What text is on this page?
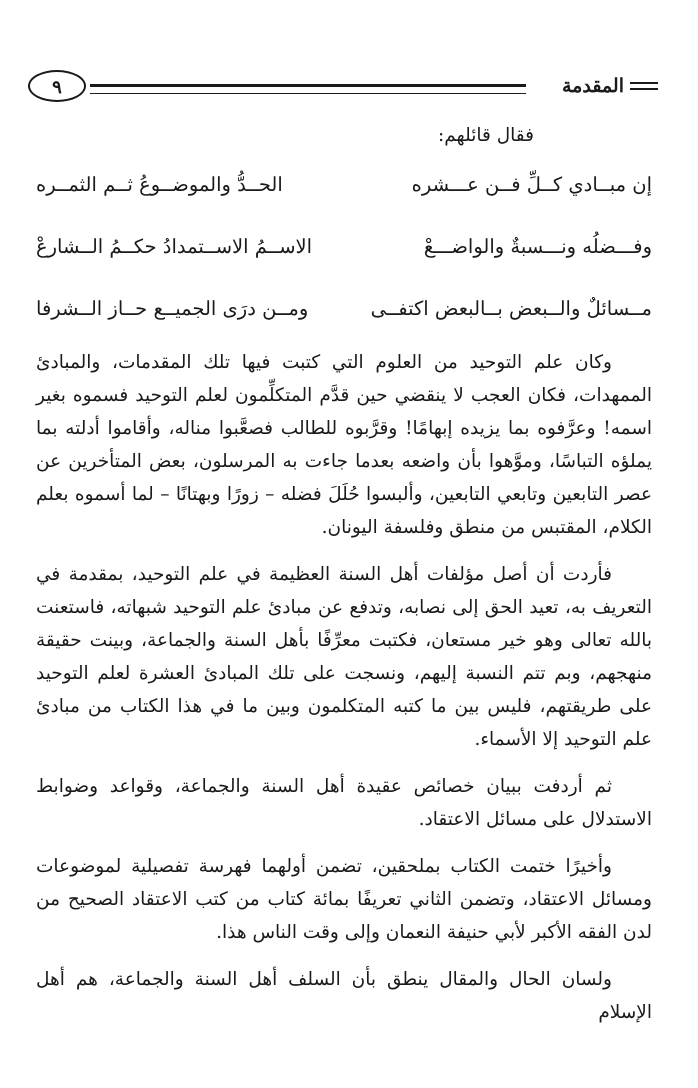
المقدمة
٩

فقال قائلهم:

إن مبــادي كــلِّ فــن عـــشره
الحــدُّ والموضــوعُ ثــم الثمــره
وفـــضلُه ونـــسبةٌ والواضـــعْ
الاســمُ الاســتمدادُ حكــمُ الــشارعْ
مــسائلٌ والــبعض بــالبعض اكتفــى
ومــن درَى الجميــع حــاز الــشرفا

وكان علم التوحيد من العلوم التي كتبت فيها تلك المقدمات، والمبادئ الممهدات، فكان العجب لا ينقضي حين قدَّم المتكلِّمون لعلم التوحيد فسموه بغير اسمه! وعرَّفوه بما يزيده إبهامًا! وقرَّبوه للطالب فصعَّبوا مناله، وأقاموا أدلته بما يملؤه التباسًا، وموَّهوا بأن واضعه بعدما جاءت به المرسلون، بعض المتأخرين عن عصر التابعين وتابعي التابعين، وألبسوا حُلَلَ فضله – زورًا وبهتانًا – لما أسموه بعلم الكلام، المقتبس من منطق وفلسفة اليونان.

فأردت أن أصل مؤلفات أهل السنة العظيمة في علم التوحيد، بمقدمة في التعريف به، تعيد الحق إلى نصابه، وتدفع عن مبادئ علم التوحيد شبهاته، فاستعنت بالله تعالى وهو خير مستعان، فكتبت معرِّفًا بأهل السنة والجماعة، وبينت حقيقة منهجهم، وبم تتم النسبة إليهم، ونسجت على تلك المبادئ العشرة لعلم التوحيد على طريقتهم، فليس بين ما كتبه المتكلمون وبين ما في هذا الكتاب من مبادئ علم التوحيد إلا الأسماء.

ثم أردفت ببيان خصائص عقيدة أهل السنة والجماعة، وقواعد وضوابط الاستدلال على مسائل الاعتقاد.

وأخيرًا ختمت الكتاب بملحقين، تضمن أولهما فهرسة تفصيلية لموضوعات ومسائل الاعتقاد، وتضمن الثاني تعريفًا بمائة كتاب من كتب الاعتقاد الصحيح من لدن الفقه الأكبر لأبي حنيفة النعمان وإلى وقت الناس هذا.

ولسان الحال والمقال ينطق بأن السلف أهل السنة والجماعة، هم أهل الإسلام
